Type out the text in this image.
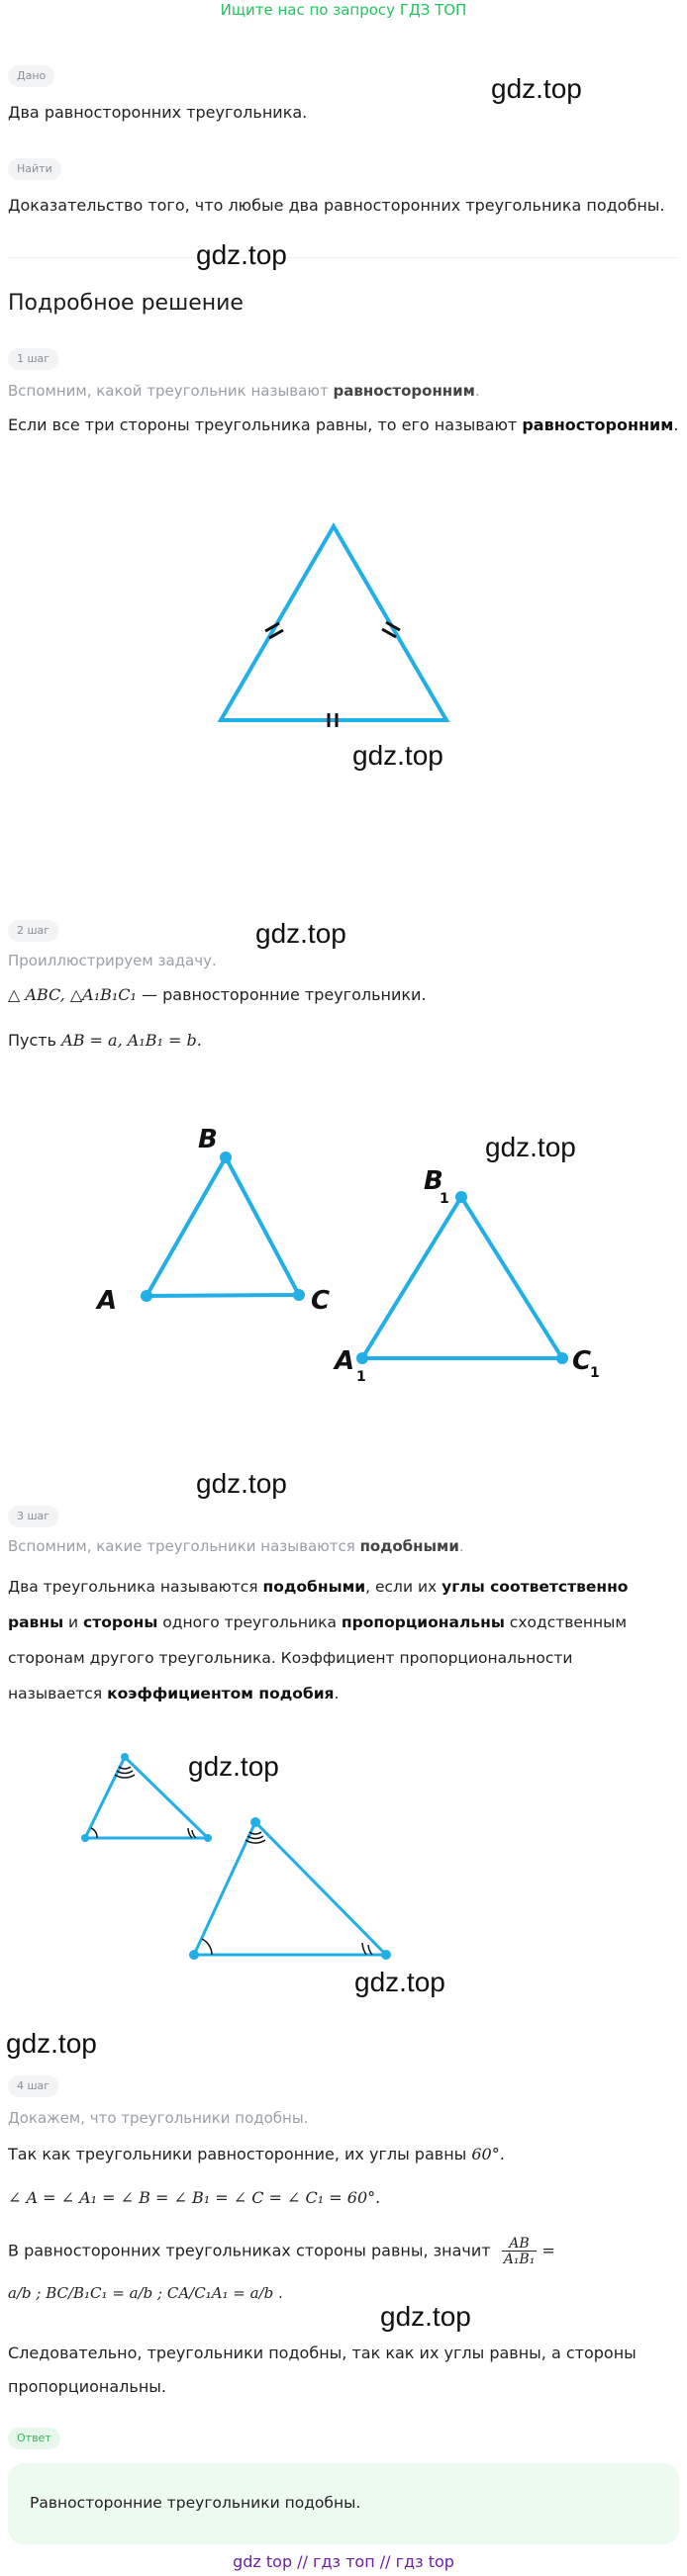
Ищите нас по запросу ГДЗ ТОП
Дано	gdz.top
Два равносторонних треугольника.
Найти
Доказательство того, что любые два равносторонних треугольника подобны.
gdz.top
Подробное решение
1 шаг
Вспомним, какой треугольник называют равносторонним.
Если все три стороны треугольника равны, то его называют равносторонним.
gdz.top
gdz.top
2 шаг
Проиллюстрируем задачу.
△ ABC, △A₁B₁C₁ — равносторонние треугольники.
Пусть AB = a, A₁B₁ = b.
B
A	C
B
A	C
1
1	1
gdz.top
gdz.top
3 шаг
Вспомним, какие треугольники называются подобными.
Два треугольника называются подобными, если их углы соответственно равны и стороны одного треугольника пропорциональны сходственным сторонам другого треугольника. Коэффициент пропорциональности называется коэффициентом подобия.
gdz.top
gdz.top
gdz.top
4 шаг
Докажем, что треугольники подобны.
Так как треугольники равносторонние, их углы равны 60°.
∠ A = ∠ A₁ = ∠ B = ∠ B₁ = ∠ C = ∠ C₁ = 60°.
В равносторонних треугольниках стороны равны, значит AB
A₁B₁ =
a/b ; BC/B₁C₁ = a/b ; CA/C₁A₁ = a/b .
gdz.top
Следовательно, треугольники подобны, так как их углы равны, а стороны пропорциональны.
Ответ
Равносторонние треугольники подобны.
gdz top // гдз топ // гдз top
